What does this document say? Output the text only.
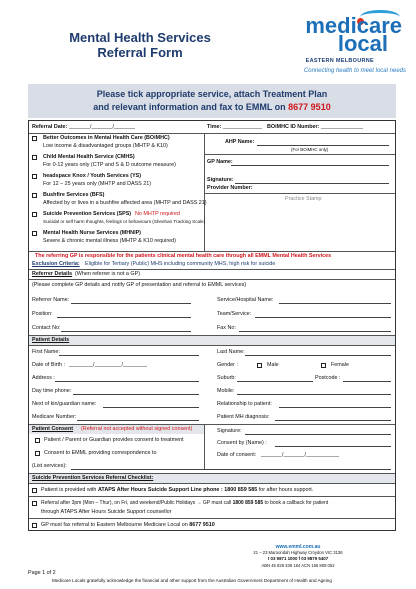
Mental Health Services
Referral Form
medicare
local
EASTERN MELBOURNE
Connecting health to meet local needs
Please tick appropriate service, attach Treatment Plan
and relevant information and fax to EMML on 8677 9510
Referral Date: _______/_______/_______	Time: _____________ BOiMHC ID Number: ______________
Better Outcomes in Mental Health Care (BOiMHC)
Low income & disadvantaged groups (MHTP & K10)
Child Mental Health Service (CMHS)
For 0-12 years only (CTP and S & D outcome measure)
headspace Knox / Youth Services (YS)
For 12 – 25 years only (MHTP and DASS 21)
Bushfire Services (BFS)
Affected by or lives in a bushfire affected area (MHTP and DASS 21)
Suicide Prevention Services (SPS) No MHTP required
Suicidal or self harm thoughts, feelings or behaviours (Sheehan Tracking Scale)
Mental Health Nurse Services (MHNIP)
Severe & chronic mental illness (MHTP & K10 required)
AHP Name:
(For BOiMHC only)
GP Name:
Signature:
Provider Number:
Practice Stamp
The referring GP is responsible for the patients clinical mental health care through all EMML Mental Health Services
Exclusion Criteria: Eligible for Tertiary (Public) MHS including community MHS, high risk for suicide
Referrer Details (When referrer is not a GP)
(Please complete GP details and notify GP of presentation and referral to EMML services)
Referrer Name:	Service/Hospital Name:
Position:	Team/Service:
Contact No:	Fax No:
Patient Details
First Name:	Last Name:
Date of Birth : ________/_________/________	Gender :	Male	Female
Address :	Suburb:	Postcode :
Day time phone:	Mobile:
Next of kin/guardian name:	Relationship to patient:
Medicare Number:	Patient MH diagnosis:
Patient Consent (Referral not accepted without signed consent)
Patient / Parent or Guardian provides consent to treatment
Consent to EMML providing correspondence to
(List services):
Signature:
Consent by (Name) :
Date of consent: _______/_______/___________
Suicide Prevention Services Referral Checklist:
Patient is provided with ATAPS After Hours Suicide Support Line phone : 1800 859 585 for after hours support.
Referral after 3pm (Mon – Thur), on Fri, and weekend/Public Holidays → GP must call 1800 859 585 to book a callback for patient
through ATAPS After Hours Suicide Support counsellor
GP must fax referral to Eastern Melbourne Medicare Local on 8677 9510
www.emml.com.au
21 – 23 Maroondah Highway Croydon VIC 3136
t 03 9871 1000 f 03 9879 5407
ABN 45 828 338 184 ACN 156 808 052
Page 1 of 2
Medicare Locals gratefully acknowledge the financial and other support from the Australian Government Department of Health and Ageing
